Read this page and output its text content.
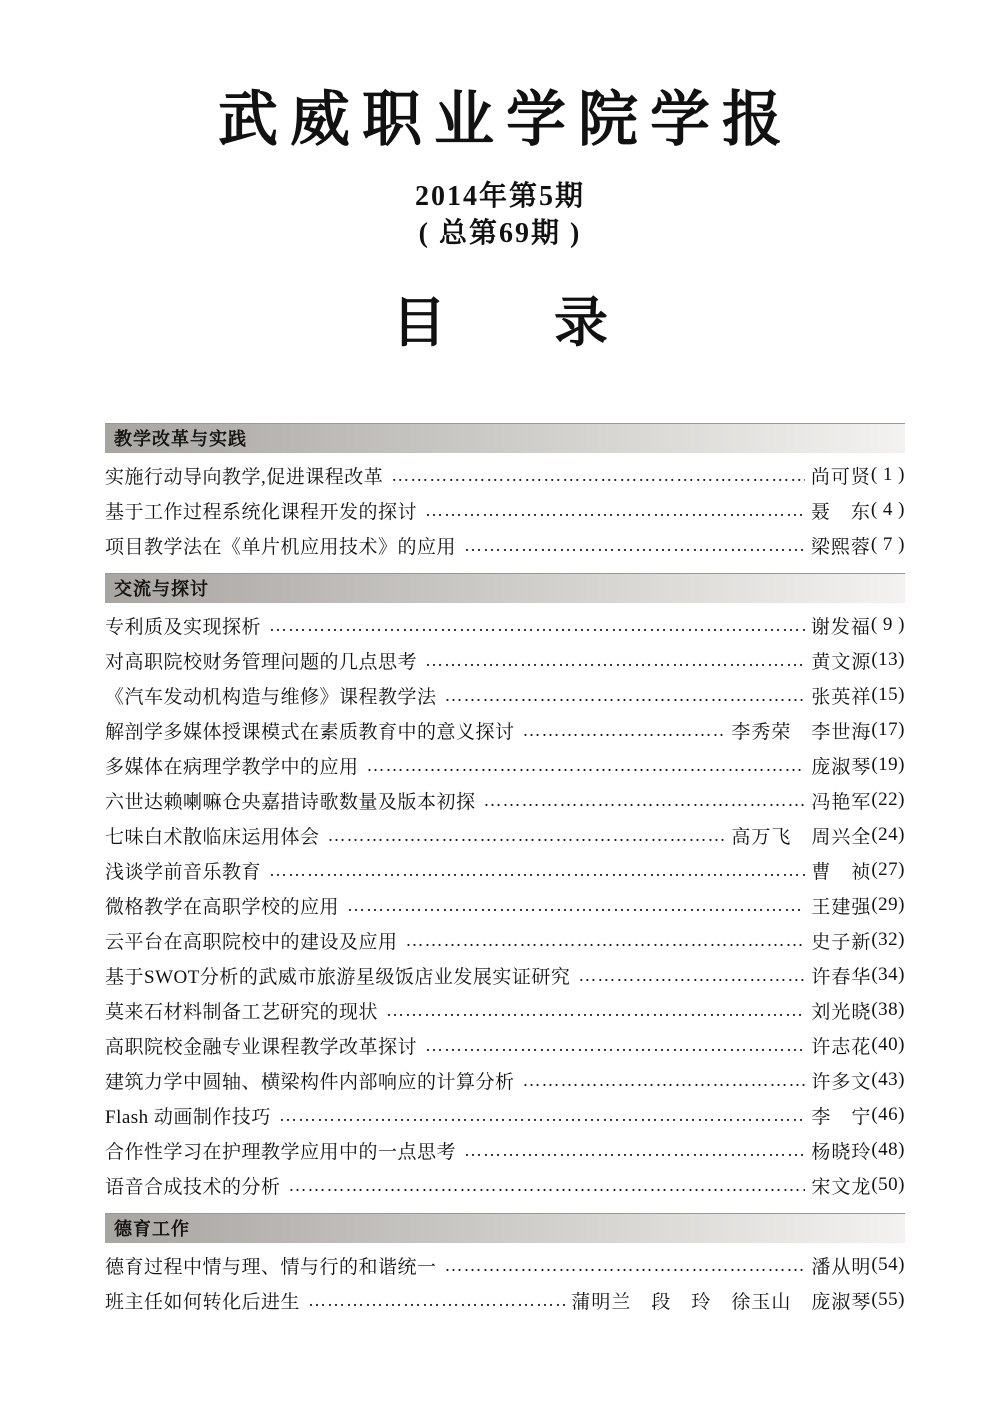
武威职业学院学报
2014年第5期
( 总第69期 )
目　　录
教学改革与实践
实施行动导向教学,促进课程改革 ……………………………………………………………………………………………………………………………………………………	尚可贤 ( 1 )
基于工作过程系统化课程开发的探讨 ……………………………………………………………………………………………………………………………………………………	聂　东 ( 4 )
项目教学法在《单片机应用技术》的应用 ……………………………………………………………………………………………………………………………………………………	梁熙蓉 ( 7 )
交流与探讨
专利质及实现探析 ……………………………………………………………………………………………………………………………………………………	谢发福 ( 9 )
对高职院校财务管理问题的几点思考 ……………………………………………………………………………………………………………………………………………………	黄文源 (13)
《汽车发动机构造与维修》课程教学法 ……………………………………………………………………………………………………………………………………………………	张英祥 (15)
解剖学多媒体授课模式在素质教育中的意义探讨 ……………………………………………………………………………………………………………………………………………………	李秀荣　李世海 (17)
多媒体在病理学教学中的应用 ……………………………………………………………………………………………………………………………………………………	庞淑琴 (19)
六世达赖喇嘛仓央嘉措诗歌数量及版本初探 ……………………………………………………………………………………………………………………………………………………	冯艳军 (22)
七味白术散临床运用体会 ……………………………………………………………………………………………………………………………………………………	高万飞　周兴全 (24)
浅谈学前音乐教育 ……………………………………………………………………………………………………………………………………………………	曹　祯 (27)
微格教学在高职学校的应用 ……………………………………………………………………………………………………………………………………………………	王建强 (29)
云平台在高职院校中的建设及应用 ……………………………………………………………………………………………………………………………………………………	史子新 (32)
基于SWOT分析的武威市旅游星级饭店业发展实证研究 ……………………………………………………………………………………………………………………………………………………	许春华 (34)
莫来石材料制备工艺研究的现状 ……………………………………………………………………………………………………………………………………………………	刘光晓 (38)
高职院校金融专业课程教学改革探讨 ……………………………………………………………………………………………………………………………………………………	许志花 (40)
建筑力学中圆轴、横梁构件内部响应的计算分析 ……………………………………………………………………………………………………………………………………………………	许多文 (43)
Flash 动画制作技巧 ……………………………………………………………………………………………………………………………………………………	李　宁 (46)
合作性学习在护理教学应用中的一点思考 ……………………………………………………………………………………………………………………………………………………	杨晓玲 (48)
语音合成技术的分析 ……………………………………………………………………………………………………………………………………………………	宋文龙 (50)
德育工作
德育过程中情与理、情与行的和谐统一 ……………………………………………………………………………………………………………………………………………………	潘从明 (54)
班主任如何转化后进生 ……………………………………………………………………………………………………………………………………………………	蒲明兰　段　玲　徐玉山　庞淑琴 (55)
